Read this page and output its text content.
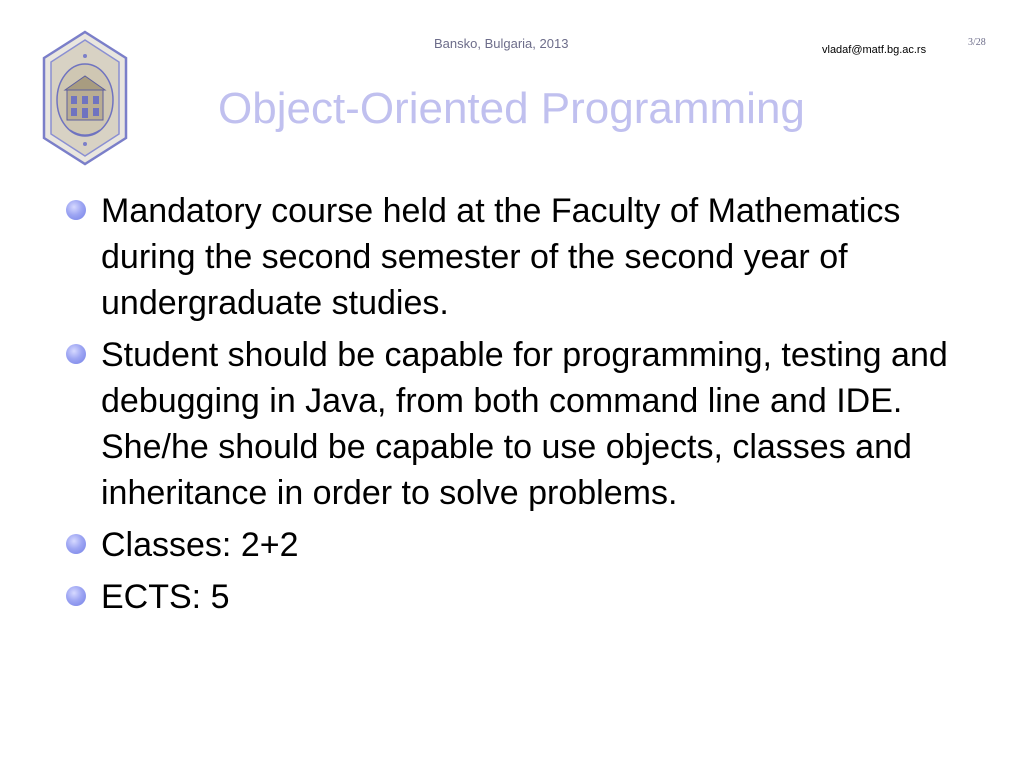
Bansko, Bulgaria, 2013	vladaf@matf.bg.ac.rs
3/28
Object-Oriented Programming
Mandatory course held at the Faculty of Mathematics during the second semester of the second year of undergraduate studies.
Student should be capable for programming, testing and debugging in Java, from both command line and IDE. She/he should be capable to use objects, classes and inheritance in order to solve problems.
Classes: 2+2
ECTS: 5
